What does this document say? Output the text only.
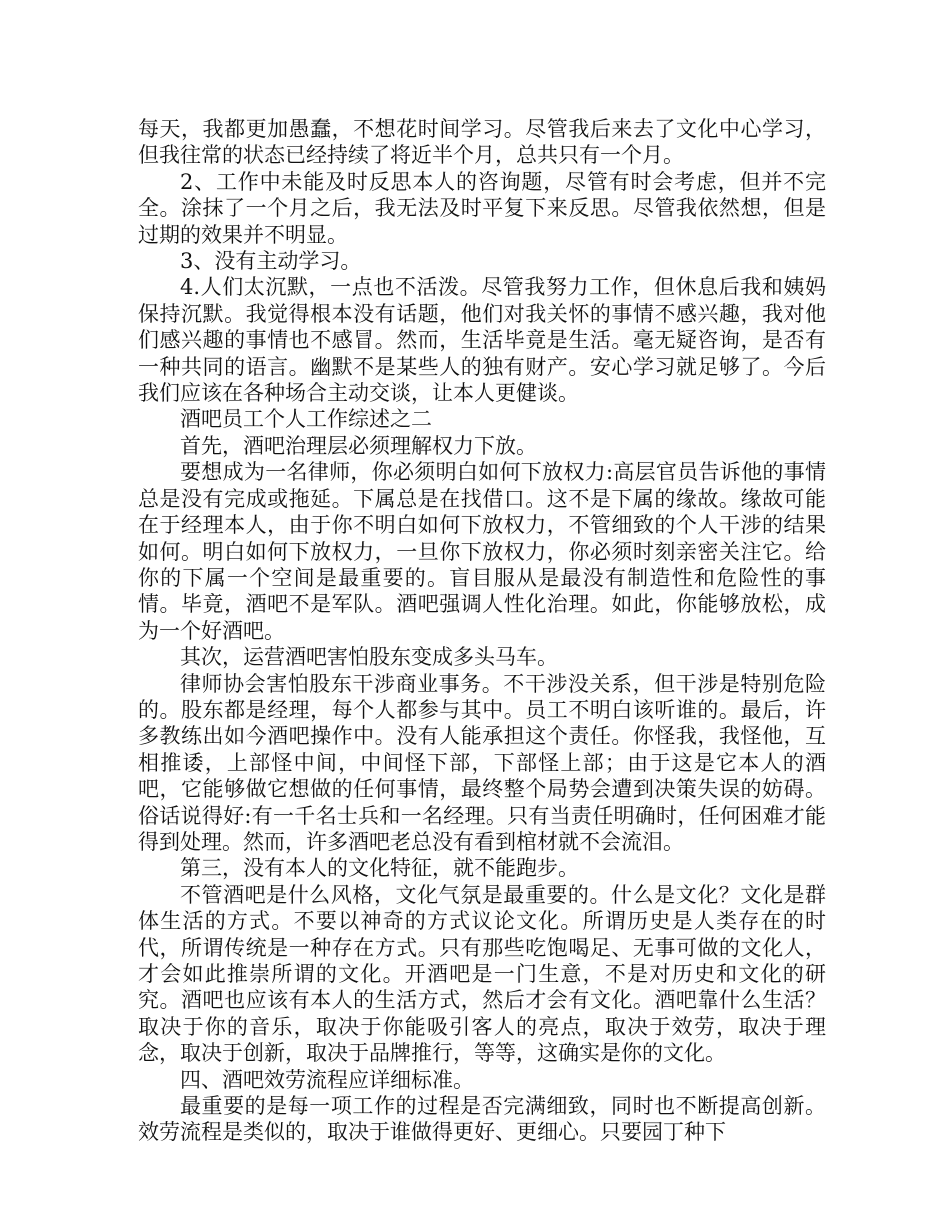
每天，我都更加愚蠢，不想花时间学习。尽管我后来去了文化中心学习，但我往常的状态已经持续了将近半个月，总共只有一个月。

2、工作中未能及时反思本人的咨询题，尽管有时会考虑，但并不完全。涂抹了一个月之后，我无法及时平复下来反思。尽管我依然想，但是过期的效果并不明显。

3、没有主动学习。

4.人们太沉默，一点也不活泼。尽管我努力工作，但休息后我和姨妈保持沉默。我觉得根本没有话题，他们对我关怀的事情不感兴趣，我对他们感兴趣的事情也不感冒。然而，生活毕竟是生活。毫无疑咨询，是否有一种共同的语言。幽默不是某些人的独有财产。安心学习就足够了。今后我们应该在各种场合主动交谈，让本人更健谈。

酒吧员工个人工作综述之二

首先，酒吧治理层必须理解权力下放。

要想成为一名律师，你必须明白如何下放权力:高层官员告诉他的事情总是没有完成或拖延。下属总是在找借口。这不是下属的缘故。缘故可能在于经理本人，由于你不明白如何下放权力，不管细致的个人干涉的结果如何。明白如何下放权力，一旦你下放权力，你必须时刻亲密关注它。给你的下属一个空间是最重要的。盲目服从是最没有制造性和危险性的事情。毕竟，酒吧不是军队。酒吧强调人性化治理。如此，你能够放松，成为一个好酒吧。

其次，运营酒吧害怕股东变成多头马车。

律师协会害怕股东干涉商业事务。不干涉没关系，但干涉是特别危险的。股东都是经理，每个人都参与其中。员工不明白该听谁的。最后，许多教练出如今酒吧操作中。没有人能承担这个责任。你怪我，我怪他，互相推诿，上部怪中间，中间怪下部，下部怪上部；由于这是它本人的酒吧，它能够做它想做的任何事情，最终整个局势会遭到决策失误的妨碍。俗话说得好:有一千名士兵和一名经理。只有当责任明确时，任何困难才能得到处理。然而，许多酒吧老总没有看到棺材就不会流泪。

第三，没有本人的文化特征，就不能跑步。

不管酒吧是什么风格，文化气氛是最重要的。什么是文化？文化是群体生活的方式。不要以神奇的方式议论文化。所谓历史是人类存在的时代，所谓传统是一种存在方式。只有那些吃饱喝足、无事可做的文化人，才会如此推崇所谓的文化。开酒吧是一门生意，不是对历史和文化的研究。酒吧也应该有本人的生活方式，然后才会有文化。酒吧靠什么生活？取决于你的音乐，取决于你能吸引客人的亮点，取决于效劳，取决于理念，取决于创新，取决于品牌推行，等等，这确实是你的文化。

四、酒吧效劳流程应详细标准。

最重要的是每一项工作的过程是否完满细致，同时也不断提高创新。效劳流程是类似的，取决于谁做得更好、更细心。只要园丁种下
